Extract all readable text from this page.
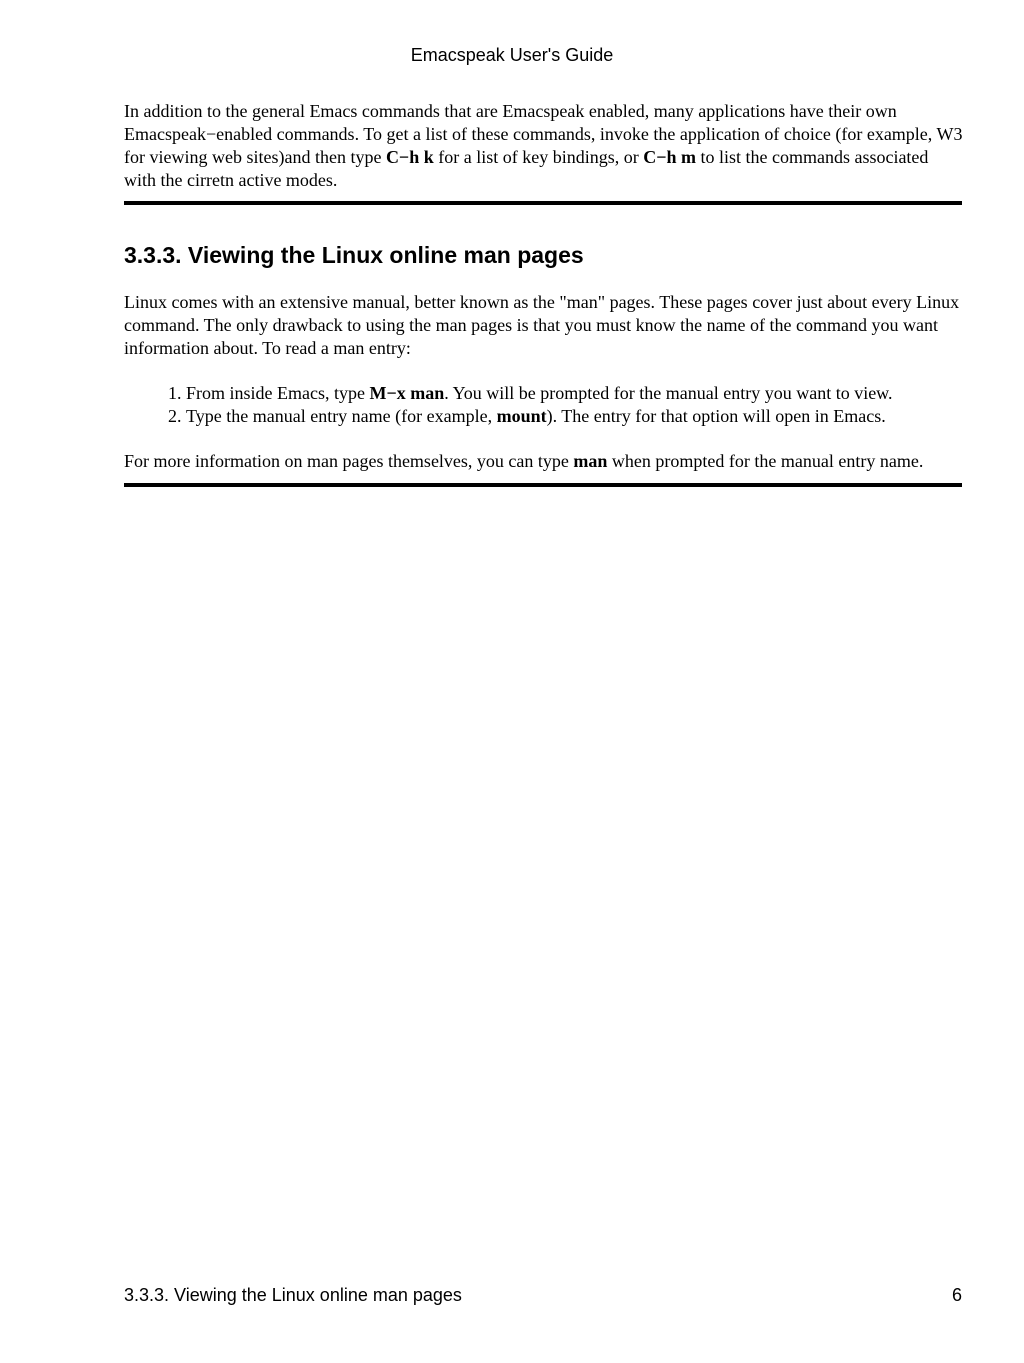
Emacspeak User's Guide

In addition to the general Emacs commands that are Emacspeak enabled, many applications have their own Emacspeak−enabled commands. To get a list of these commands, invoke the application of choice (for example, W3 for viewing web sites)and then type C−h k for a list of key bindings, or C−h m to list the commands associated with the cirretn active modes.

3.3.3. Viewing the Linux online man pages

Linux comes with an extensive manual, better known as the "man" pages. These pages cover just about every Linux command. The only drawback to using the man pages is that you must know the name of the command you want information about. To read a man entry:

1. From inside Emacs, type M−x man. You will be prompted for the manual entry you want to view.
2. Type the manual entry name (for example, mount). The entry for that option will open in Emacs.

For more information on man pages themselves, you can type man when prompted for the manual entry name.

3.3.3. Viewing the Linux online man pages	6
